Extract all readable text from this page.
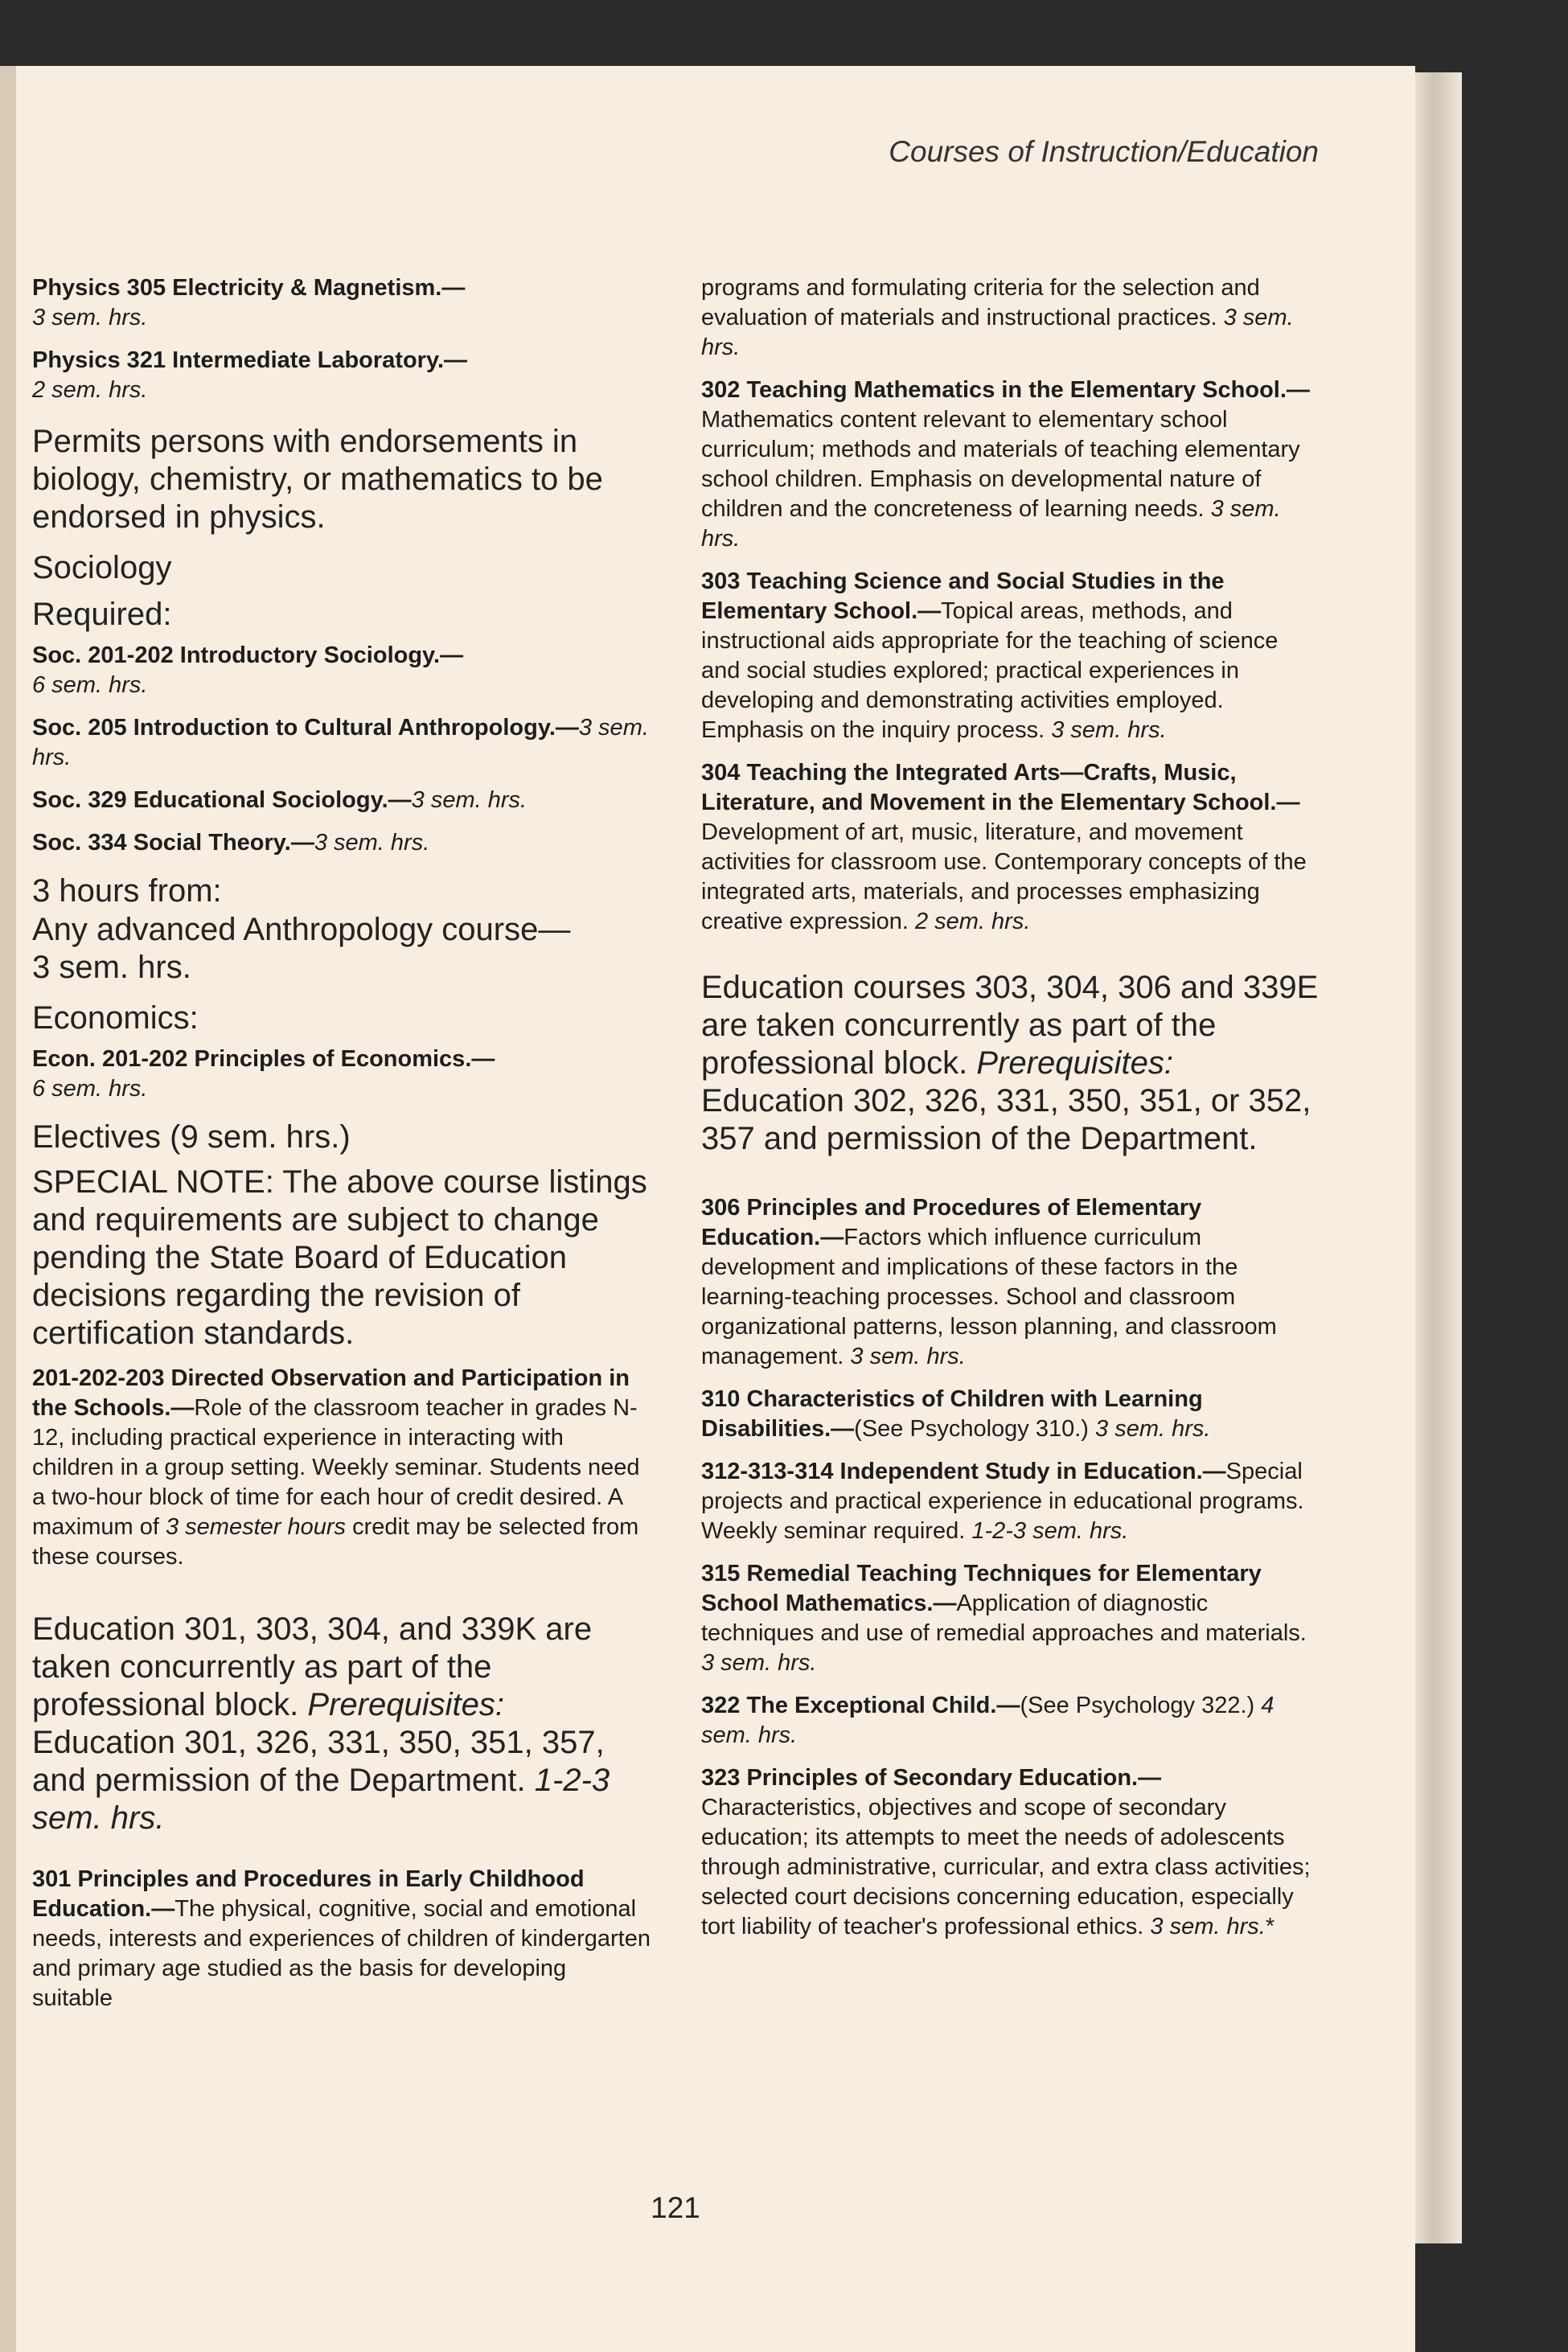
Courses of Instruction/Education

Physics 305 Electricity & Magnetism.—
3 sem. hrs.

Physics 321 Intermediate Laboratory.—
2 sem. hrs.

Permits persons with endorsements in biology, chemistry, or mathematics to be endorsed in physics.

Sociology

Required:

Soc. 201-202 Introductory Sociology.—
6 sem. hrs.

Soc. 205 Introduction to Cultural Anthropology.—3 sem. hrs.

Soc. 329 Educational Sociology.—3 sem. hrs.

Soc. 334 Social Theory.—3 sem. hrs.

3 hours from:

Any advanced Anthropology course—
3 sem. hrs.

Economics:

Econ. 201-202 Principles of Economics.—
6 sem. hrs.

Electives (9 sem. hrs.)

SPECIAL NOTE: The above course listings and requirements are subject to change pending the State Board of Education decisions regarding the revision of certification standards.

201-202-203 Directed Observation and Participation in the Schools.—Role of the classroom teacher in grades N-12, including practical experience in interacting with children in a group setting. Weekly seminar. Students need a two-hour block of time for each hour of credit desired. A maximum of 3 semester hours credit may be selected from these courses.

Education 301, 303, 304, and 339K are taken concurrently as part of the professional block. Prerequisites: Education 301, 326, 331, 350, 351, 357, and permission of the Department. 1-2-3 sem. hrs.

301 Principles and Procedures in Early Childhood Education.—The physical, cognitive, social and emotional needs, interests and experiences of children of kindergarten and primary age studied as the basis for developing suitable

programs and formulating criteria for the selection and evaluation of materials and instructional practices. 3 sem. hrs.

302 Teaching Mathematics in the Elementary School.—Mathematics content relevant to elementary school curriculum; methods and materials of teaching elementary school children. Emphasis on developmental nature of children and the concreteness of learning needs. 3 sem. hrs.

303 Teaching Science and Social Studies in the Elementary School.—Topical areas, methods, and instructional aids appropriate for the teaching of science and social studies explored; practical experiences in developing and demonstrating activities employed. Emphasis on the inquiry process. 3 sem. hrs.

304 Teaching the Integrated Arts—Crafts, Music, Literature, and Movement in the Elementary School.—Development of art, music, literature, and movement activities for classroom use. Contemporary concepts of the integrated arts, materials, and processes emphasizing creative expression. 2 sem. hrs.

Education courses 303, 304, 306 and 339E are taken concurrently as part of the professional block. Prerequisites: Education 302, 326, 331, 350, 351, or 352, 357 and permission of the Department.

306 Principles and Procedures of Elementary Education.—Factors which influence curriculum development and implications of these factors in the learning-teaching processes. School and classroom organizational patterns, lesson planning, and classroom management. 3 sem. hrs.

310 Characteristics of Children with Learning Disabilities.—(See Psychology 310.) 3 sem. hrs.

312-313-314 Independent Study in Education.—Special projects and practical experience in educational programs. Weekly seminar required. 1-2-3 sem. hrs.

315 Remedial Teaching Techniques for Elementary School Mathematics.—Application of diagnostic techniques and use of remedial approaches and materials. 3 sem. hrs.

322 The Exceptional Child.—(See Psychology 322.) 4 sem. hrs.

323 Principles of Secondary Education.—Characteristics, objectives and scope of secondary education; its attempts to meet the needs of adolescents through administrative, curricular, and extra class activities; selected court decisions concerning education, especially tort liability of teacher's professional ethics. 3 sem. hrs.*

121
